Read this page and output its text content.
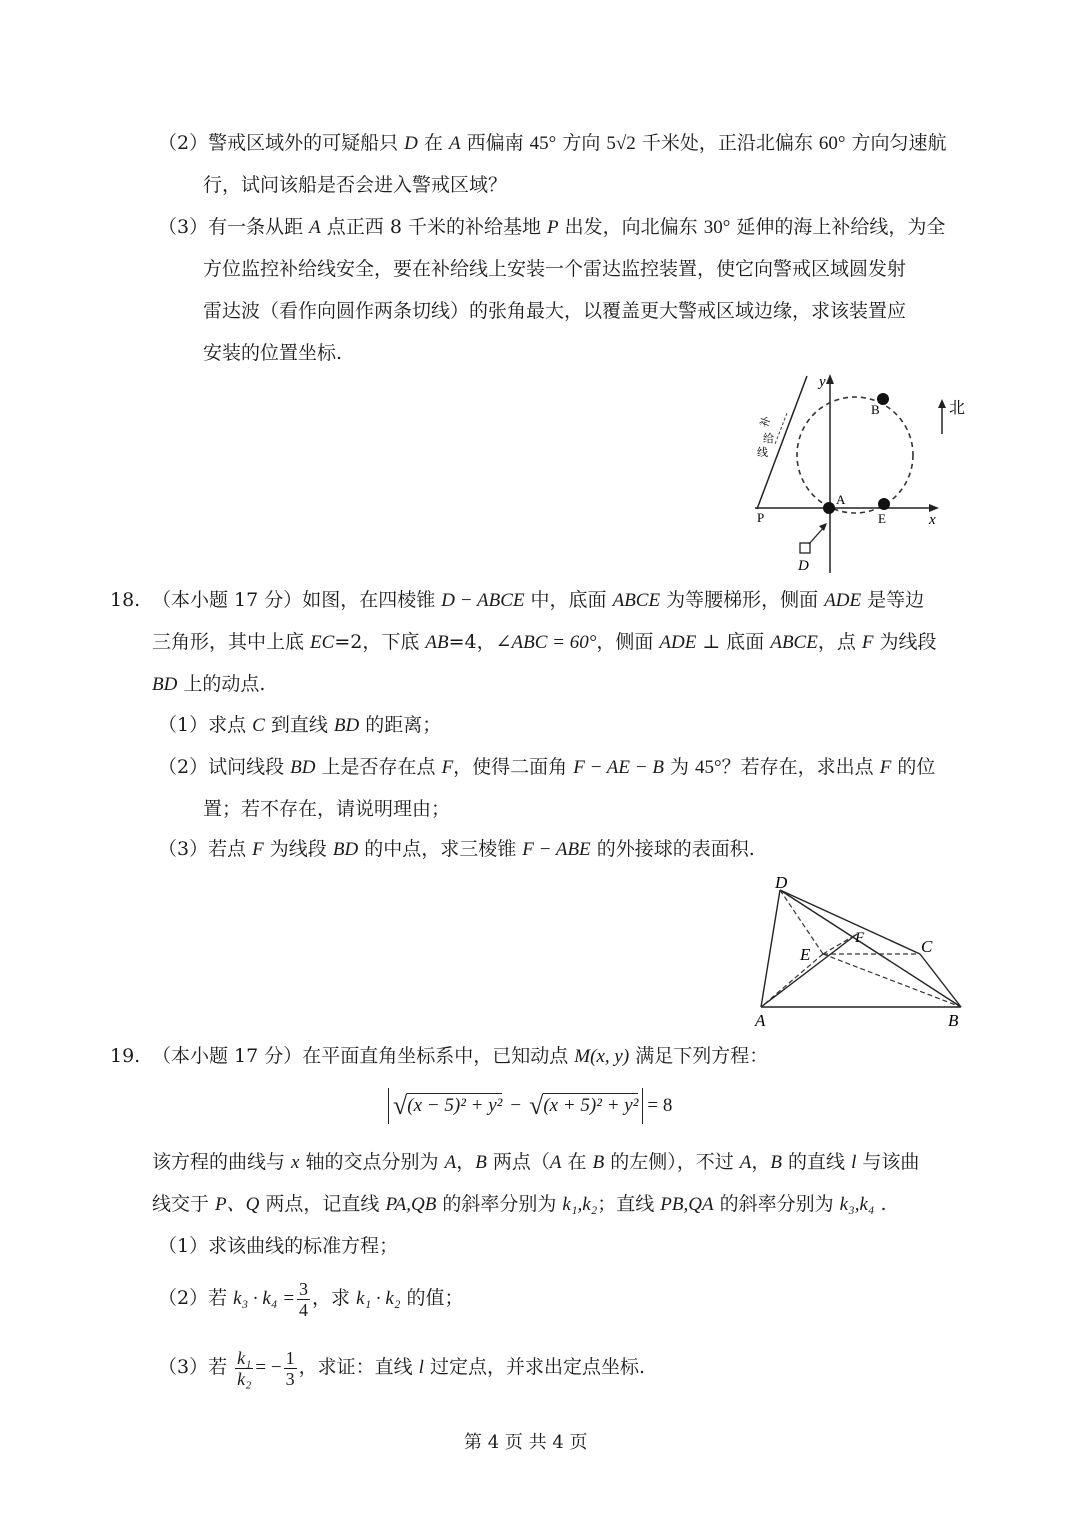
（2）警戒区域外的可疑船只 D 在 A 西偏南 45° 方向 5√2 千米处，正沿北偏东 60° 方向匀速航
行，试问该船是否会进入警戒区域？
（3）有一条从距 A 点正西 8 千米的补给基地 P 出发，向北偏东 30° 延伸的海上补给线，为全
方位监控补给线安全，要在补给线上安装一个雷达监控装置，使它向警戒区域圆发射
雷达波（看作向圆作两条切线）的张角最大，以覆盖更大警戒区域边缘，求该装置应
安装的位置坐标.
y
x
A
E
B
P
补
给
线
D
北
18. （本小题 17 分）如图，在四棱锥 D − ABCE 中，底面 ABCE 为等腰梯形，侧面 ADE 是等边
三角形，其中上底 EC=2，下底 AB=4，∠ABC = 60°，侧面 ADE ⊥ 底面 ABCE，点 F 为线段
BD 上的动点.
（1）求点 C 到直线 BD 的距离；
（2）试问线段 BD 上是否存在点 F，使得二面角 F − AE − B 为 45°？若存在，求出点 F 的位
置；若不存在，请说明理由；
（3）若点 F 为线段 BD 的中点，求三棱锥 F − ABE 的外接球的表面积.
D
C
E
F
A	B
19. （本小题 17 分）在平面直角坐标系中，已知动点 M(x, y) 满足下列方程：
√(x − 5)² + y² − √(x + 5)² + y² = 8
该方程的曲线与 x 轴的交点分别为 A，B 两点（A 在 B 的左侧），不过 A，B 的直线 l 与该曲
线交于 P、Q 两点，记直线 PA,QB 的斜率分别为 k₁,k₂；直线 PB,QA 的斜率分别为 k₃,k₄ .
（1）求该曲线的标准方程；
（2）若 $k_3 \cdot k_4 = \frac{3}{4}$ ，求 k₁ · k₂ 的值；
（3）若 $\frac{\text{k₁}}{\text{k₂}}$ = − $\frac{1}{3}$ ，求证：直线 l 过定点，并求出定点坐标.
第 4 页 共 4 页
